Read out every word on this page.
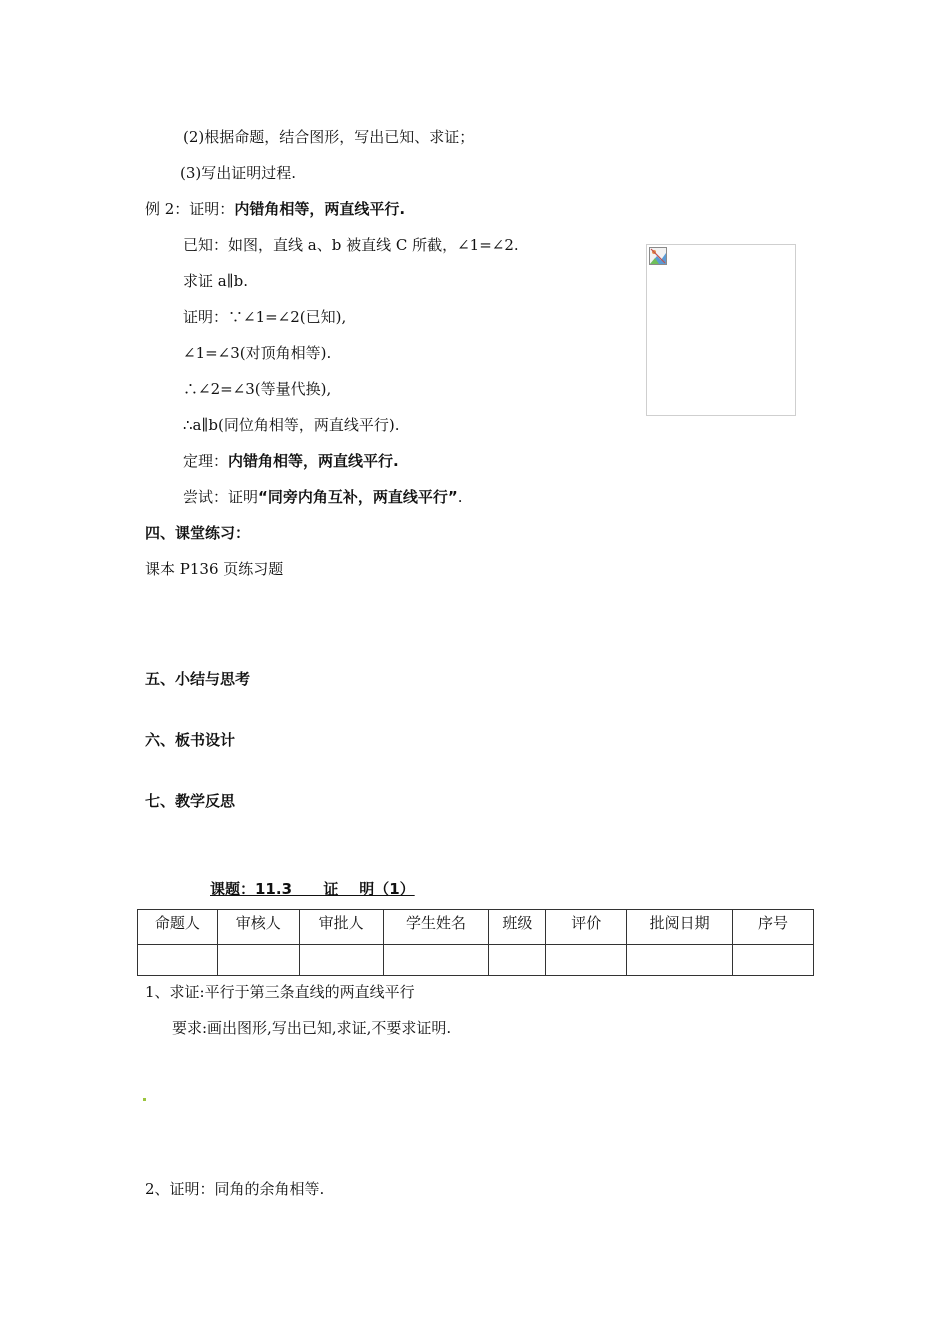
(2)根据命题，结合图形，写出已知、求证；
(3)写出证明过程.
例 2：证明：内错角相等，两直线平行.
已知：如图，直线 a、b 被直线 C 所截，∠1=∠2.
求证 a∥b.
证明：∵∠1=∠2(已知),
∠1=∠3(对顶角相等).
∴∠2=∠3(等量代换),
∴a∥b(同位角相等，两直线平行).
定理：内错角相等，两直线平行.
尝试：证明“同旁内角互补，两直线平行”.
四、课堂练习：
课本 P136 页练习题
五、小结与思考
六、板书设计
七、教学反思
课题：11.3      证    明（1）
命题人	审核人	审批人	学生姓名	班级	评价	批阅日期	序号

1、求证:平行于第三条直线的两直线平行
要求:画出图形,写出已知,求证,不要求证明.
2、证明：同角的余角相等.
